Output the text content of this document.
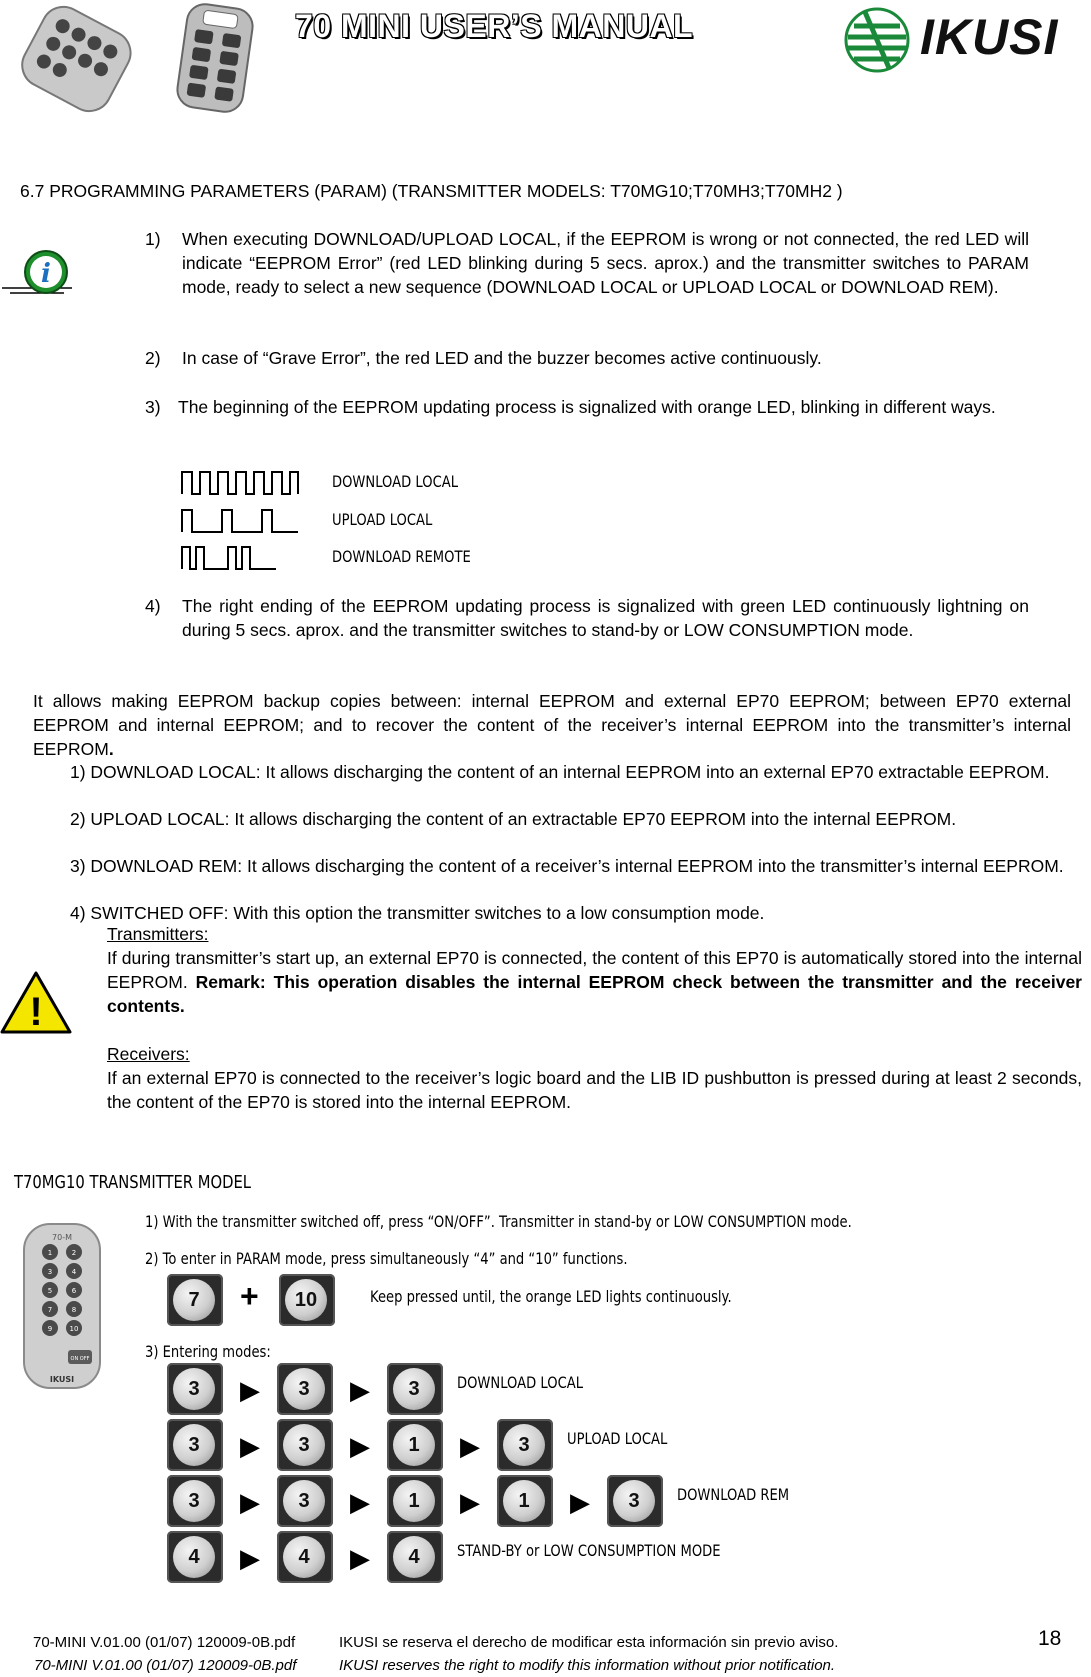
70 MINI USER’S MANUAL	IKUSI
6.7 PROGRAMMING PARAMETERS (PARAM) (TRANSMITTER MODELS: T70MG10;T70MH3;T70MH2 )
i
1) When executing DOWNLOAD/UPLOAD LOCAL, if the EEPROM is wrong or not connected, the red LED will indicate “EEPROM Error” (red LED blinking during 5 secs. aprox.) and the transmitter switches to PARAM mode, ready to select a new sequence (DOWNLOAD LOCAL or UPLOAD LOCAL or DOWNLOAD REM).
2) In case of “Grave Error”, the red LED and the buzzer becomes active continuously.
3) The beginning of the EEPROM updating process is signalized with orange LED, blinking in different ways.
DOWNLOAD LOCAL
UPLOAD LOCAL
DOWNLOAD REMOTE
4) The right ending of the EEPROM updating process is signalized with green LED continuously lightning on during 5 secs. aprox. and the transmitter switches to stand-by or LOW CONSUMPTION mode.
It allows making EEPROM backup copies between: internal EEPROM and external EP70 EEPROM; between EP70 external EEPROM and internal EEPROM; and to recover the content of the receiver’s internal EEPROM into the transmitter’s internal EEPROM.
1) DOWNLOAD LOCAL: It allows discharging the content of an internal EEPROM into an external EP70 extractable EEPROM.
2) UPLOAD LOCAL: It allows discharging the content of an extractable EP70 EEPROM into the internal EEPROM.
3) DOWNLOAD REM: It allows discharging the content of a receiver’s internal EEPROM into the transmitter’s internal EEPROM.
4) SWITCHED OFF: With this option the transmitter switches to a low consumption mode.
!
Transmitters:
If during transmitter’s start up, an external EP70 is connected, the content of this EP70 is automatically stored into the internal EEPROM. Remark: This operation disables the internal EEPROM check between the transmitter and the receiver contents.
Receivers:
If an external EP70 is connected to the receiver’s logic board and the LIB ID pushbutton is pressed during at least 2 seconds, the content of the EP70 is stored into the internal EEPROM.
T70MG10 TRANSMITTER MODEL
70-M
1	2
3	4
5	6
7	8
9 10
ON OFF
IKUSI
1) With the transmitter switched off, press “ON/OFF”. Transmitter in stand-by or LOW CONSUMPTION mode.
2) To enter in PARAM mode, press simultaneously “4” and “10” functions.
7	+	10	Keep pressed until, the orange LED lights continuously.
3) Entering modes:
3	▶	3	▶	3	DOWNLOAD LOCAL
3	▶	3	▶	1	▶	3	UPLOAD LOCAL
3	▶	3	▶	1	▶	1	▶	3	DOWNLOAD REM
4	▶	4	▶	4	STAND-BY or LOW CONSUMPTION MODE
70-MINI V.01.00 (01/07) 120009-0B.pdf	IKUSI se reserva el derecho de modificar esta información sin previo aviso.	18
70-MINI V.01.00 (01/07) 120009-0B.pdf	IKUSI reserves the right to modify this information without prior notification.
